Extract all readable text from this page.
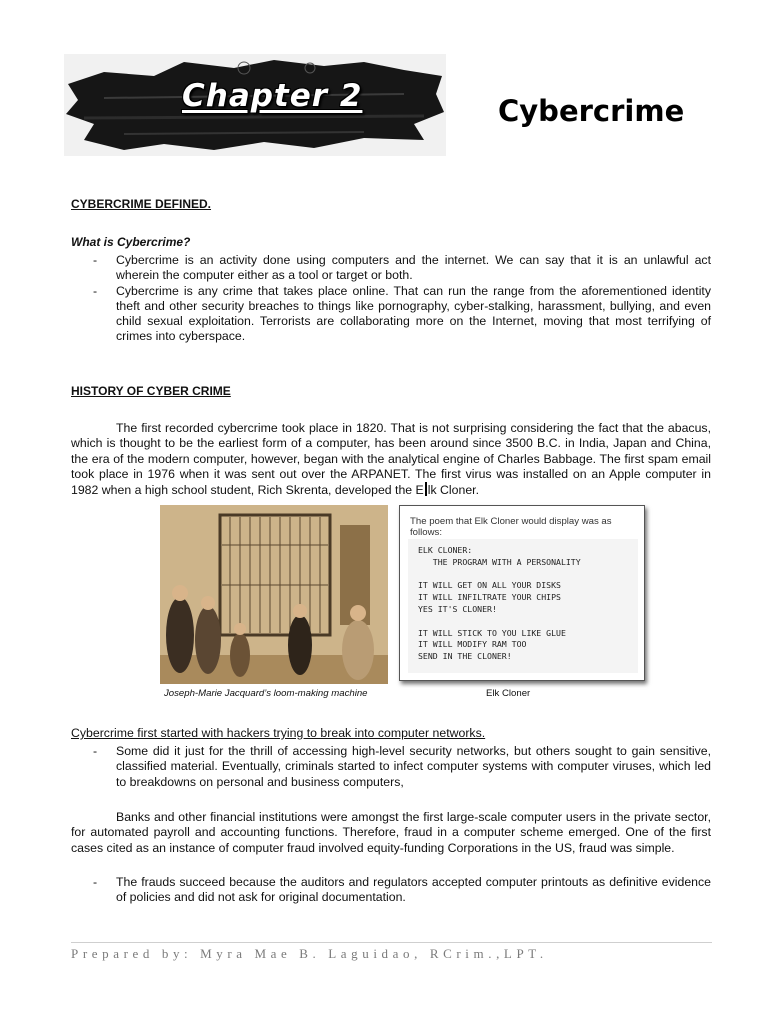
Chapter 2	Cybercrime
CYBERCRIME DEFINED.
What is Cybercrime?
- Cybercrime is an activity done using computers and the internet. We can say that it is an unlawful act wherein the computer either as a tool or target or both.
- Cybercrime is any crime that takes place online. That can run the range from the aforementioned identity theft and other security breaches to things like pornography, cyber-stalking, harassment, bullying, and even child sexual exploitation. Terrorists are collaborating more on the Internet, moving that most terrifying of crimes into cyberspace.
HISTORY OF CYBER CRIME
The first recorded cybercrime took place in 1820. That is not surprising considering the fact that the abacus, which is thought to be the earliest form of a computer, has been around since 3500 B.C. in India, Japan and China, the era of the modern computer, however, began with the analytical engine of Charles Babbage. The first spam email took place in 1976 when it was sent out over the ARPANET. The first virus was installed on an Apple computer in 1982 when a high school student, Rich Skrenta, developed the E lk Cloner.
The poem that Elk Cloner would display was as follows:
ELK CLONER:
THE PROGRAM WITH A PERSONALITY

IT WILL GET ON ALL YOUR DISKS
IT WILL INFILTRATE YOUR CHIPS
YES IT'S CLONER!

IT WILL STICK TO YOU LIKE GLUE
IT WILL MODIFY RAM TOO
SEND IN THE CLONER!
Joseph-Marie Jacquard’s loom-making machine	Elk Cloner
Cybercrime first started with hackers trying to break into computer networks.
- Some did it just for the thrill of accessing high-level security networks, but others sought to gain sensitive, classified material. Eventually, criminals started to infect computer systems with computer viruses, which led to breakdowns on personal and business computers,
Banks and other financial institutions were amongst the first large-scale computer users in the private sector, for automated payroll and accounting functions. Therefore, fraud in a computer scheme emerged. One of the first cases cited as an instance of computer fraud involved equity-funding Corporations in the US, fraud was simple.
- The frauds succeed because the auditors and regulators accepted computer printouts as definitive evidence of policies and did not ask for original documentation.
Prepared by: Myra Mae B. Laguidao, RCrim.,LPT.
